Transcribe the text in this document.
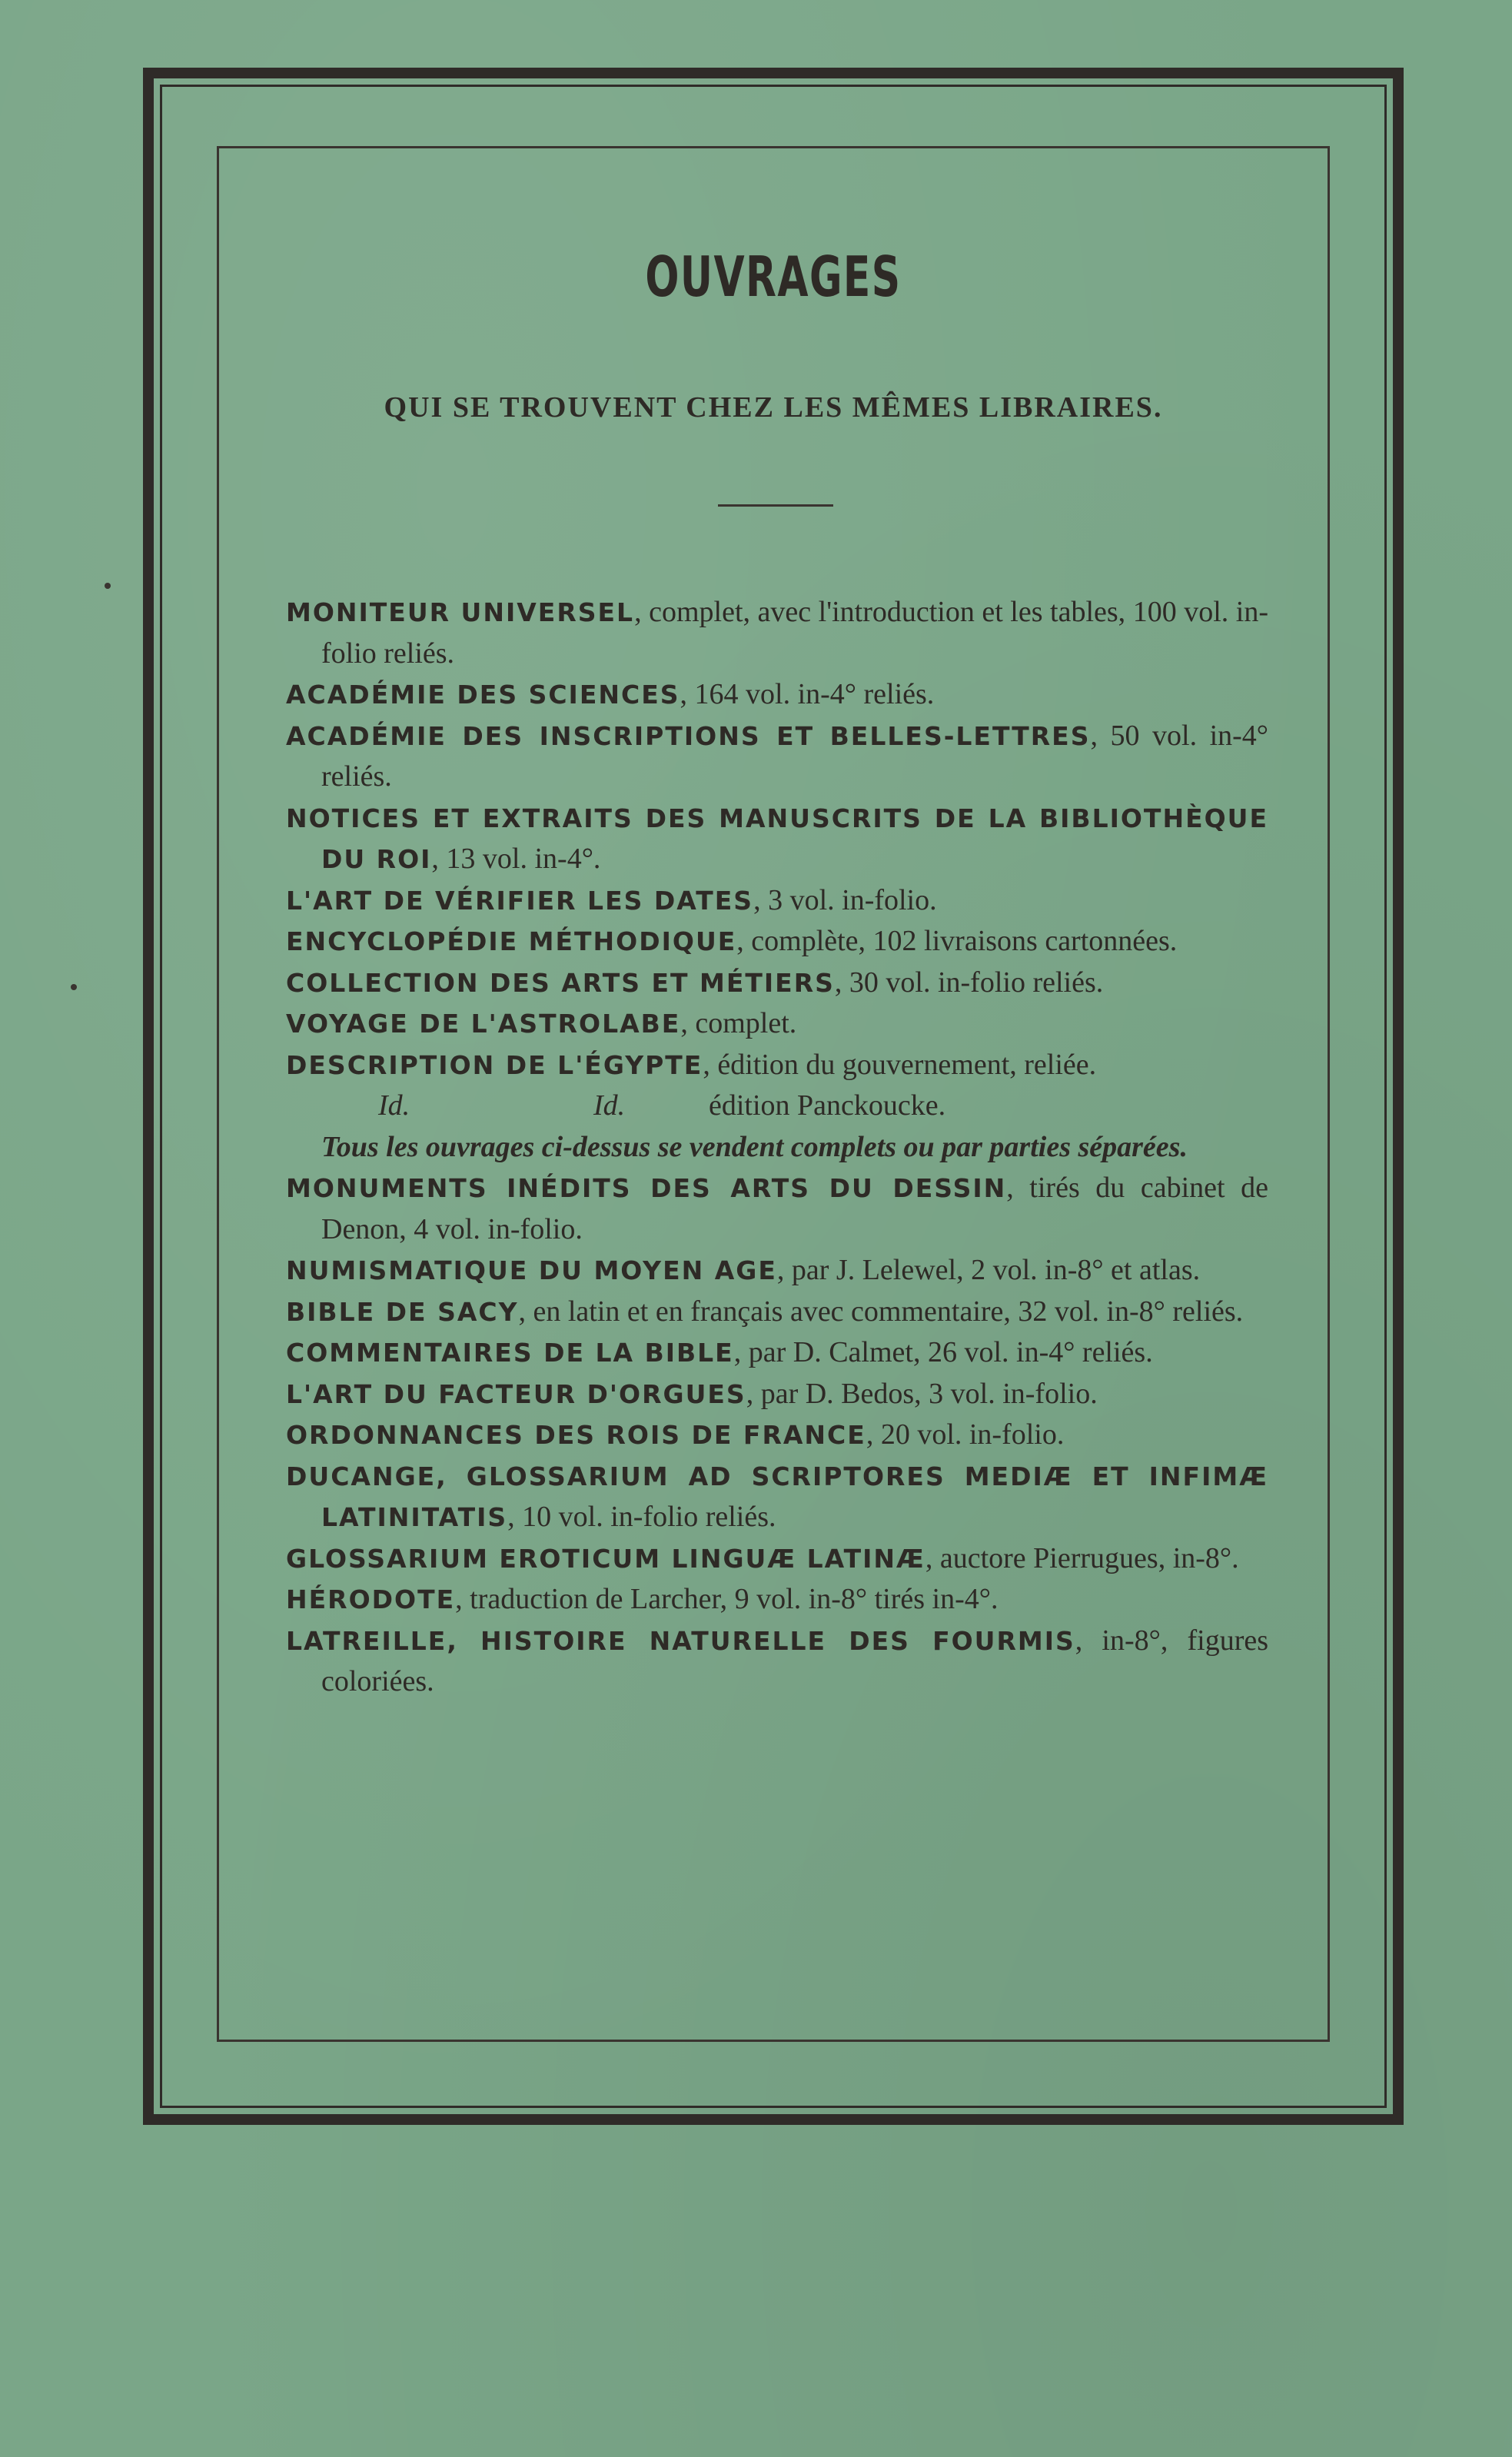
OUVRAGES
QUI SE TROUVENT CHEZ LES MÊMES LIBRAIRES.
MONITEUR UNIVERSEL, complet, avec l'introduction et les tables, 100 vol. in-folio reliés.
ACADÉMIE DES SCIENCES, 164 vol. in-4° reliés.
ACADÉMIE DES INSCRIPTIONS ET BELLES-LETTRES, 50 vol. in-4° reliés.
NOTICES ET EXTRAITS DES MANUSCRITS DE LA BIBLIOTHÈQUE DU ROI, 13 vol. in-4°.
L'ART DE VÉRIFIER LES DATES, 3 vol. in-folio.
ENCYCLOPÉDIE MÉTHODIQUE, complète, 102 livraisons cartonnées.
COLLECTION DES ARTS ET MÉTIERS, 30 vol. in-folio reliés.
VOYAGE DE L'ASTROLABE, complet.
DESCRIPTION DE L'ÉGYPTE, édition du gouvernement, reliée.
Id.	Id.	édition Panckoucke.
Tous les ouvrages ci-dessus se vendent complets ou par parties séparées.
MONUMENTS INÉDITS DES ARTS DU DESSIN, tirés du cabinet de Denon, 4 vol. in-folio.
NUMISMATIQUE DU MOYEN AGE, par J. Lelewel, 2 vol. in-8° et atlas.
BIBLE DE SACY, en latin et en français avec commentaire, 32 vol. in-8° reliés.
COMMENTAIRES DE LA BIBLE, par D. Calmet, 26 vol. in-4° reliés.
L'ART DU FACTEUR D'ORGUES, par D. Bedos, 3 vol. in-folio.
ORDONNANCES DES ROIS DE FRANCE, 20 vol. in-folio.
DUCANGE, GLOSSARIUM AD SCRIPTORES MEDIÆ ET INFIMÆ LATINITATIS, 10 vol. in-folio reliés.
GLOSSARIUM EROTICUM LINGUÆ LATINÆ, auctore Pierrugues, in-8°.
HÉRODOTE, traduction de Larcher, 9 vol. in-8° tirés in-4°.
LATREILLE, HISTOIRE NATURELLE DES FOURMIS, in-8°, figures coloriées.
